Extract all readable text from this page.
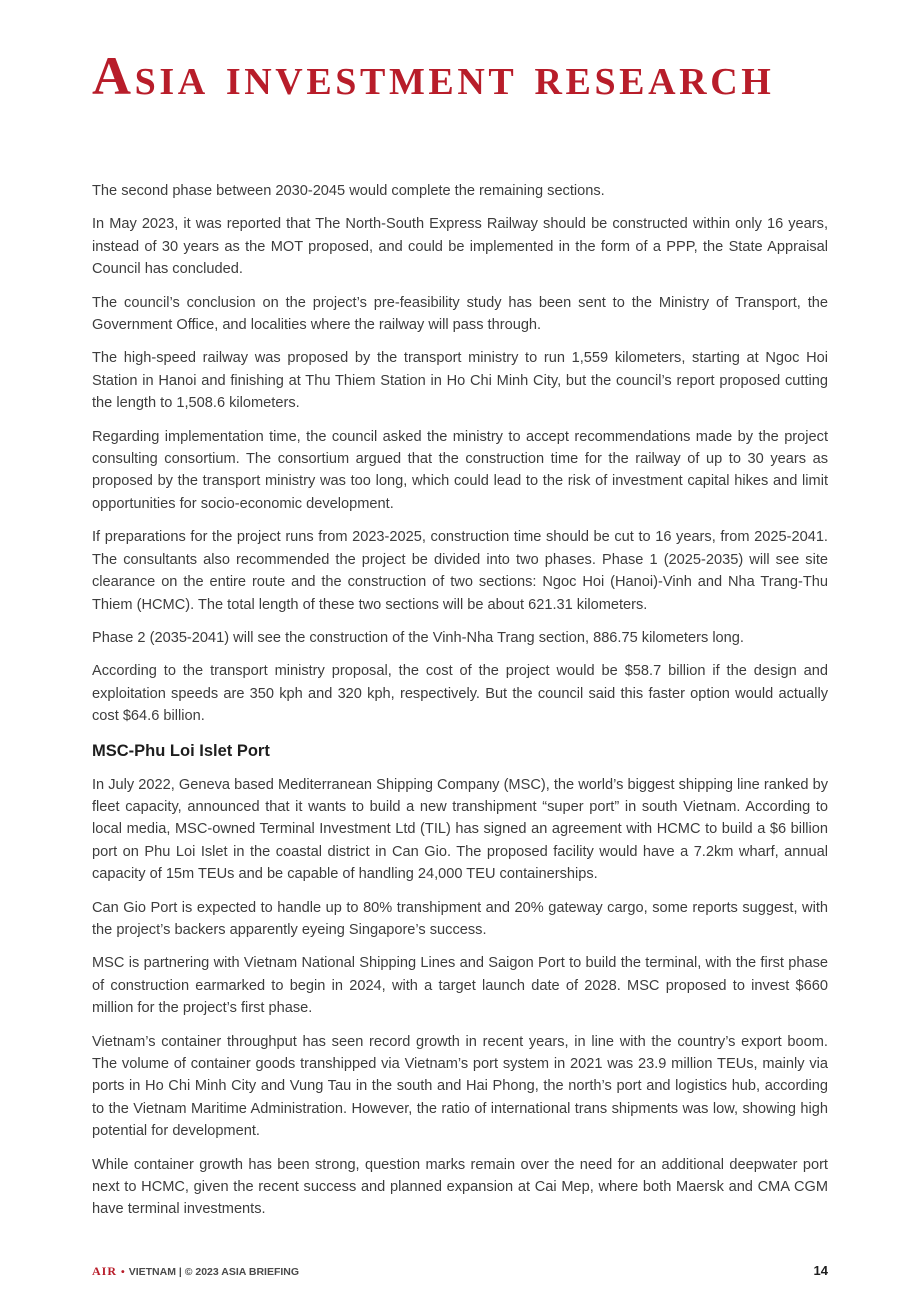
Asia investment research

The second phase between 2030-2045 would complete the remaining sections.

In May 2023, it was reported that The North-South Express Railway should be constructed within only 16 years, instead of 30 years as the MOT proposed, and could be implemented in the form of a PPP, the State Appraisal Council has concluded.

The council’s conclusion on the project’s pre-feasibility study has been sent to the Ministry of Transport, the Government Office, and localities where the railway will pass through.

The high-speed railway was proposed by the transport ministry to run 1,559 kilometers, starting at Ngoc Hoi Station in Hanoi and finishing at Thu Thiem Station in Ho Chi Minh City, but the council’s report proposed cutting the length to 1,508.6 kilometers.

Regarding implementation time, the council asked the ministry to accept recommendations made by the project consulting consortium. The consortium argued that the construction time for the railway of up to 30 years as proposed by the transport ministry was too long, which could lead to the risk of investment capital hikes and limit opportunities for socio-economic development.

If preparations for the project runs from 2023-2025, construction time should be cut to 16 years, from 2025-2041. The consultants also recommended the project be divided into two phases. Phase 1 (2025-2035) will see site clearance on the entire route and the construction of two sections: Ngoc Hoi (Hanoi)-Vinh and Nha Trang-Thu Thiem (HCMC). The total length of these two sections will be about 621.31 kilometers.

Phase 2 (2035-2041) will see the construction of the Vinh-Nha Trang section, 886.75 kilometers long.

According to the transport ministry proposal, the cost of the project would be $58.7 billion if the design and exploitation speeds are 350 kph and 320 kph, respectively. But the council said this faster option would actually cost $64.6 billion.

MSC-Phu Loi Islet Port

In July 2022, Geneva based Mediterranean Shipping Company (MSC), the world’s biggest shipping line ranked by fleet capacity, announced that it wants to build a new transhipment “super port” in south Vietnam. According to local media, MSC-owned Terminal Investment Ltd (TIL) has signed an agreement with HCMC to build a $6 billion port on Phu Loi Islet in the coastal district in Can Gio. The proposed facility would have a 7.2km wharf, annual capacity of 15m TEUs and be capable of handling 24,000 TEU containerships.

Can Gio Port is expected to handle up to 80% transhipment and 20% gateway cargo, some reports suggest, with the project’s backers apparently eyeing Singapore’s success.

MSC is partnering with Vietnam National Shipping Lines and Saigon Port to build the terminal, with the first phase of construction earmarked to begin in 2024, with a target launch date of 2028. MSC proposed to invest $660 million for the project’s first phase.

Vietnam’s container throughput has seen record growth in recent years, in line with the country’s export boom. The volume of container goods transhipped via Vietnam’s port system in 2021 was 23.9 million TEUs, mainly via ports in Ho Chi Minh City and Vung Tau in the south and Hai Phong, the north’s port and logistics hub, according to the Vietnam Maritime Administration. However, the ratio of international trans shipments was low, showing high potential for development.

While container growth has been strong, question marks remain over the need for an additional deepwater port next to HCMC, given the recent success and planned expansion at Cai Mep, where both Maersk and CMA CGM have terminal investments.

AIR • VIETNAM | © 2023 ASIA BRIEFING	14
